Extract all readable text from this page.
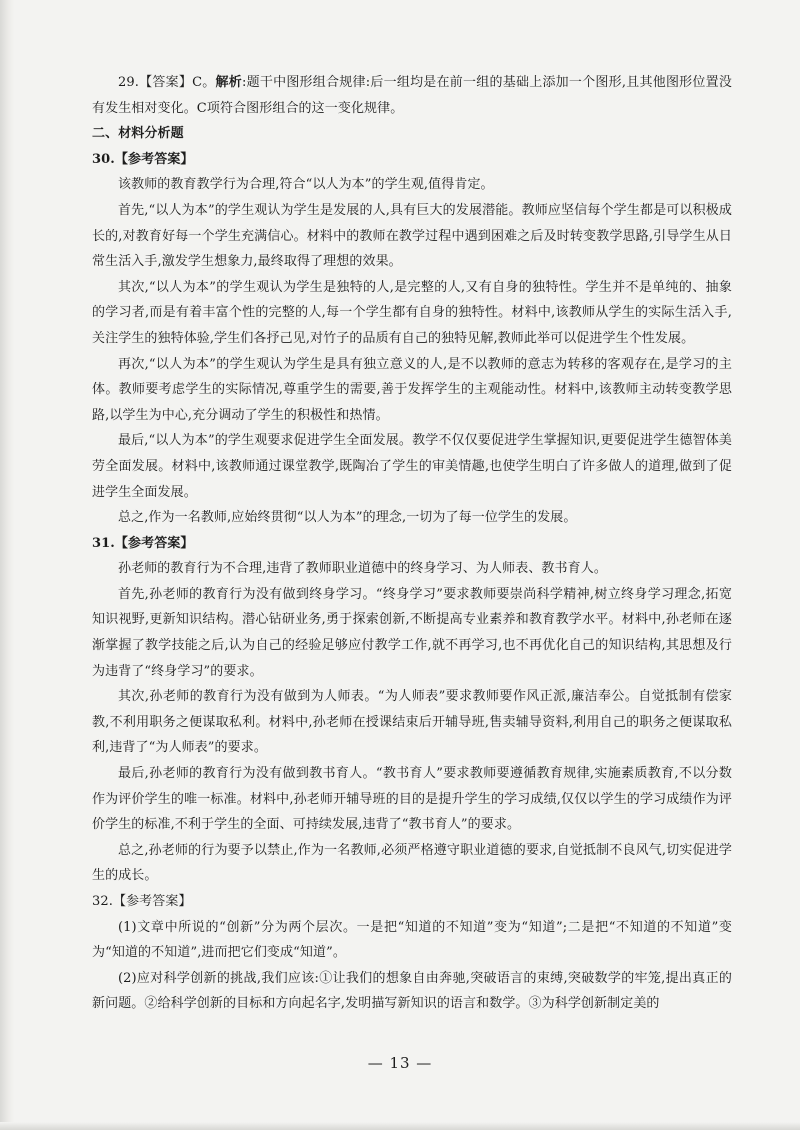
29.【答案】C。解析:题干中图形组合规律:后一组均是在前一组的基础上添加一个图形,且其他图形位置没有发生相对变化。C项符合图形组合的这一变化规律。

二、材料分析题

30.【参考答案】

该教师的教育教学行为合理,符合“以人为本”的学生观,值得肯定。

首先,“以人为本”的学生观认为学生是发展的人,具有巨大的发展潜能。教师应坚信每个学生都是可以积极成长的,对教育好每一个学生充满信心。材料中的教师在教学过程中遇到困难之后及时转变教学思路,引导学生从日常生活入手,激发学生想象力,最终取得了理想的效果。

其次,“以人为本”的学生观认为学生是独特的人,是完整的人,又有自身的独特性。学生并不是单纯的、抽象的学习者,而是有着丰富个性的完整的人,每一个学生都有自身的独特性。材料中,该教师从学生的实际生活入手,关注学生的独特体验,学生们各抒己见,对竹子的品质有自己的独特见解,教师此举可以促进学生个性发展。

再次,“以人为本”的学生观认为学生是具有独立意义的人,是不以教师的意志为转移的客观存在,是学习的主体。教师要考虑学生的实际情况,尊重学生的需要,善于发挥学生的主观能动性。材料中,该教师主动转变教学思路,以学生为中心,充分调动了学生的积极性和热情。

最后,“以人为本”的学生观要求促进学生全面发展。教学不仅仅要促进学生掌握知识,更要促进学生德智体美劳全面发展。材料中,该教师通过课堂教学,既陶冶了学生的审美情趣,也使学生明白了许多做人的道理,做到了促进学生全面发展。

总之,作为一名教师,应始终贯彻“以人为本”的理念,一切为了每一位学生的发展。

31.【参考答案】

孙老师的教育行为不合理,违背了教师职业道德中的终身学习、为人师表、教书育人。

首先,孙老师的教育行为没有做到终身学习。“终身学习”要求教师要崇尚科学精神,树立终身学习理念,拓宽知识视野,更新知识结构。潜心钻研业务,勇于探索创新,不断提高专业素养和教育教学水平。材料中,孙老师在逐渐掌握了教学技能之后,认为自己的经验足够应付教学工作,就不再学习,也不再优化自己的知识结构,其思想及行为违背了“终身学习”的要求。

其次,孙老师的教育行为没有做到为人师表。“为人师表”要求教师要作风正派,廉洁奉公。自觉抵制有偿家教,不利用职务之便谋取私利。材料中,孙老师在授课结束后开辅导班,售卖辅导资料,利用自己的职务之便谋取私利,违背了“为人师表”的要求。

最后,孙老师的教育行为没有做到教书育人。“教书育人”要求教师要遵循教育规律,实施素质教育,不以分数作为评价学生的唯一标准。材料中,孙老师开辅导班的目的是提升学生的学习成绩,仅仅以学生的学习成绩作为评价学生的标准,不利于学生的全面、可持续发展,违背了“教书育人”的要求。

总之,孙老师的行为要予以禁止,作为一名教师,必须严格遵守职业道德的要求,自觉抵制不良风气,切实促进学生的成长。

32.【参考答案】

(1)文章中所说的“创新”分为两个层次。一是把“知道的不知道”变为“知道”;二是把“不知道的不知道”变为“知道的不知道”,进而把它们变成“知道”。

(2)应对科学创新的挑战,我们应该:①让我们的想象自由奔驰,突破语言的束缚,突破数学的牢笼,提出真正的新问题。②给科学创新的目标和方向起名字,发明描写新知识的语言和数学。③为科学创新制定美的

— 13 —
